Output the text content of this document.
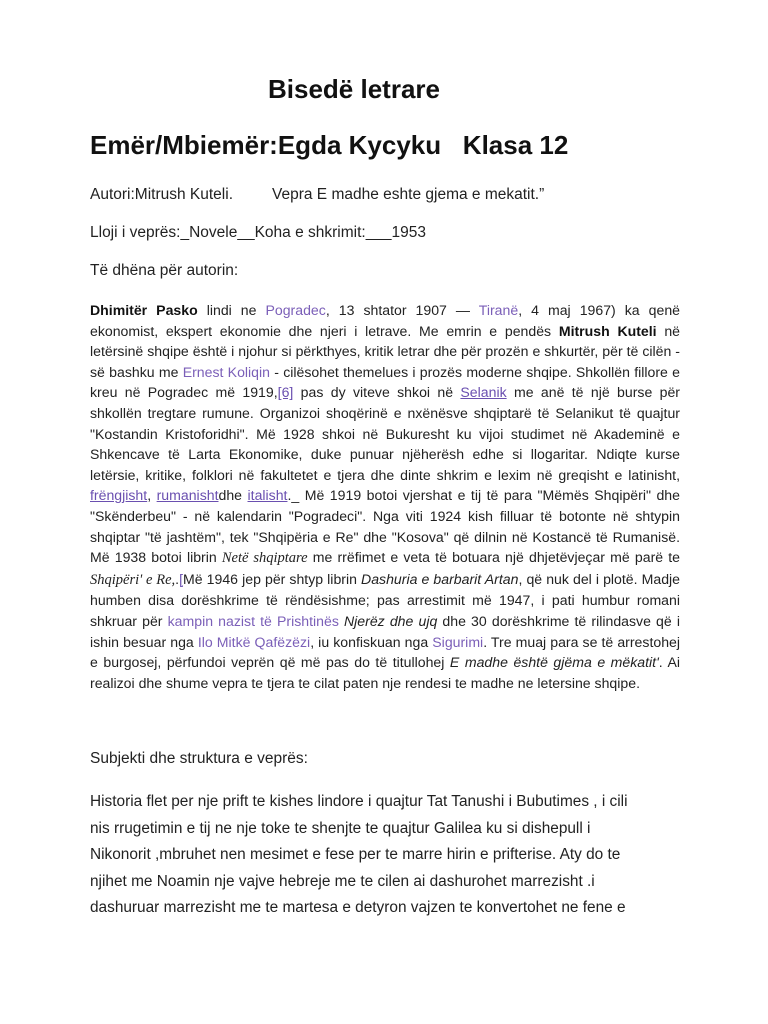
Bisedë letrare
Emër/Mbiemër:Egda Kycyku   Klasa 12
Autori:Mitrush Kuteli.	Vepra E madhe eshte gjema e mekatit.”
Lloji i veprës:_Novele__Koha e shkrimit:___1953
Të dhëna për autorin:
Dhimitër Pasko lindi ne Pogradec, 13 shtator 1907 — Tiranë, 4 maj 1967) ka qenë ekonomist, ekspert ekonomie dhe njeri i letrave. Me emrin e pendës Mitrush Kuteli në letërsinë shqipe është i njohur si përkthyes, kritik letrar dhe për prozën e shkurtër, për të cilën - së bashku me Ernest Koliqin - cilësohet themelues i prozës moderne shqipe. Shkollën fillore e kreu në Pogradec më 1919,[6] pas dy viteve shkoi në Selanik me anë të një burse për shkollën tregtare rumune. Organizoi shoqërinë e nxënësve shqiptarë të Selanikut të quajtur "Kostandin Kristoforidhi". Më 1928 shkoi në Bukuresht ku vijoi studimet në Akademinë e Shkencave të Larta Ekonomike, duke punuar njëherësh edhe si llogaritar. Ndiqte kurse letërsie, kritike, folklori në fakultetet e tjera dhe dinte shkrim e lexim në greqisht e latinisht, frëngjisht, rumanishtdhe italisht._ Më 1919 botoi vjershat e tij të para "Mëmës Shqipëri" dhe "Skënderbeu" - në kalendarin "Pogradeci". Nga viti 1924 kish filluar të botonte në shtypin shqiptar "të jashtëm", tek "Shqipëria e Re" dhe "Kosova" që dilnin në Kostancë të Rumanisë. Më 1938 botoi librin Netë shqiptare me rrëfimet e veta të botuara një dhjetëvjeçar më parë te Shqipëri' e Re,.[Më 1946 jep për shtyp librin Dashuria e barbarit Artan, që nuk del i plotë. Madje humben disa dorëshkrime të rëndësishme; pas arrestimit më 1947, i pati humbur romani shkruar për kampin nazist të Prishtinës Njerëz dhe ujq dhe 30 dorëshkrime të rilindasve që i ishin besuar nga Ilo Mitkë Qafëzëzi, iu konfiskuan nga Sigurimi. Tre muaj para se të arrestohej e burgosej, përfundoi veprën që më pas do të titullohej E madhe është gjëma e mëkatit'. Ai realizoi dhe shume vepra te tjera te cilat paten nje rendesi te madhe ne letersine shqipe.
Subjekti dhe struktura e veprës:
Historia flet per nje prift te kishes lindore i quajtur Tat Tanushi i Bubutimes , i cili
nis rrugetimin e tij ne nje toke te shenjte te quajtur Galilea ku si dishepull i
Nikonorit ,mbruhet nen mesimet e fese per te marre hirin e prifterise. Aty do te
njihet me Noamin nje vajve hebreje me te cilen ai dashurohet marrezisht .i
dashuruar marrezisht me te martesa e detyron vajzen te konvertohet ne fene e
